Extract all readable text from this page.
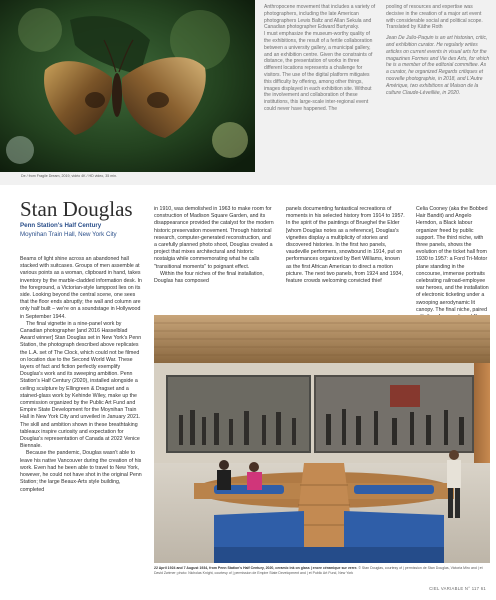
De / from Fragile Dream, 2019, vidéo 4K / HD video, 35 min.

Anthropocene movement that includes a variety of photographers, including the late American photographers Lewis Baltz and Allan Sekula and Canadian photographer Edward Burtynsky.
I must emphasize the museum-worthy quality of the exhibitions, the result of a fertile collaboration between a university gallery, a municipal gallery, and an exhibition centre. Given the constraints of distance, the presentation of works in three different locations represents a challenge for visitors. The use of the digital platform mitigates this difficulty by offering, among other things, images displayed in each exhibition site. Without the involvement and collaboration of these institutions, this large-scale inter-regional event could never have happened. The

pooling of resources and expertise was decisive in the creation of a major art event with considerable social and political scope. Translated by Käthe Roth

Jean De Julio-Paquin is an art historian, critic, and exhibition curator. He regularly writes articles on current events in visual arts for the magazines Formes and Vie des Arts, for which he is a member of the editorial committee. As a curator, he organized Regards critiques et nouvelle photographie, in 2018, and L'Autre Amérique, two exhibitions at Maison de la culture Claude-Léveillée, in 2020.

Stan Douglas
Penn Station's Half Century
Moynihan Train Hall, New York City

Beams of light shine across an abandoned hall stacked with suitcases. Groups of men assemble at various points as a woman, clipboard in hand, takes inventory by the marble-cladded information desk. In the foreground, a Victorian-style lamppost lies on its side. Looking beyond the central scene, one sees that the floor ends abruptly; the wall and column are only half built – we're on a soundstage in Hollywood in September 1944.

The final vignette in a nine-panel work by Canadian photographer [and 2016 Hasselblad Award winner] Stan Douglas set in New York's Penn Station, the photograph described above replicates the L.A. set of The Clock, which could not be filmed on location due to the Second World War. These layers of fact and fiction perfectly exemplify Douglas's work and its sweeping ambition. Penn Station's Half Century (2020), installed alongside a ceiling sculpture by Ellingreen & Dragset and a stained-glass work by Kehinde Wiley, make up the commission organized by the Public Art Fund and Empire State Development for the Moynihan Train Hall in New York City and unveiled in January 2021. The skill and ambition shown in these breathtaking tableaux inspire curiosity and expectation for Douglas's representation of Canada at 2022 Venice Biennale.

Because the pandemic, Douglas wasn't able to leave his native Vancouver during the creation of his work. Even had he been able to travel to New York, however, he could not have shot in the original Penn Station; the large Beaux-Arts style building, completed

in 1910, was demolished in 1963 to make room for construction of Madison Square Garden, and its disappearance provided the catalyst for the modern historic preservation movement. Through historical research, computer-generated reconstruction, and a carefully planned photo shoot, Douglas created a project that mixes architectural and historic nostalgia while commemorating what he calls "transitional moments" to poignant effect.

Within the four niches of the final installation, Douglas has composed

panels documenting fantastical recreations of moments in his selected history from 1914 to 1957. In the spirit of the paintings of Brueghel the Elder [whom Douglas notes as a reference], Douglas's vignettes display a multiplicity of stories and discovered histories. In the first two panels, vaudeville performers, snowbound in 1914, put on performances organized by Bert Williams, known as the first African American to direct a motion picture. The next two panels, from 1924 and 1934, feature crowds welcoming convicted thief

Celia Cooney (aka the Bobbed Hair Bandit) and Angelo Herndon, a Black labour organizer freed by public support. The third niche, with three panels, shows the evolution of the ticket hall from 1930 to 1957: a Ford Tri-Motor plane standing in the concourse, immense portraits celebrating railroad-employee war heroes, and the installation of electronic ticketing under a swooping aerodynamic lit canopy. The final niche, paired

22 April 1924 and 7 August 1934, from Penn Station's Half Century, 2020, ceramic ink on glass | encre céramique sur verre. © Stan Douglas, courtesy of | permission de Stan Douglas, Victoria Miro and | et David Zwirner; photo: Nicholas Knight, courtesy of | permission de Empire State Development and | et Public Art Fund, New York
CIEL VARIABLE N° 117 61
